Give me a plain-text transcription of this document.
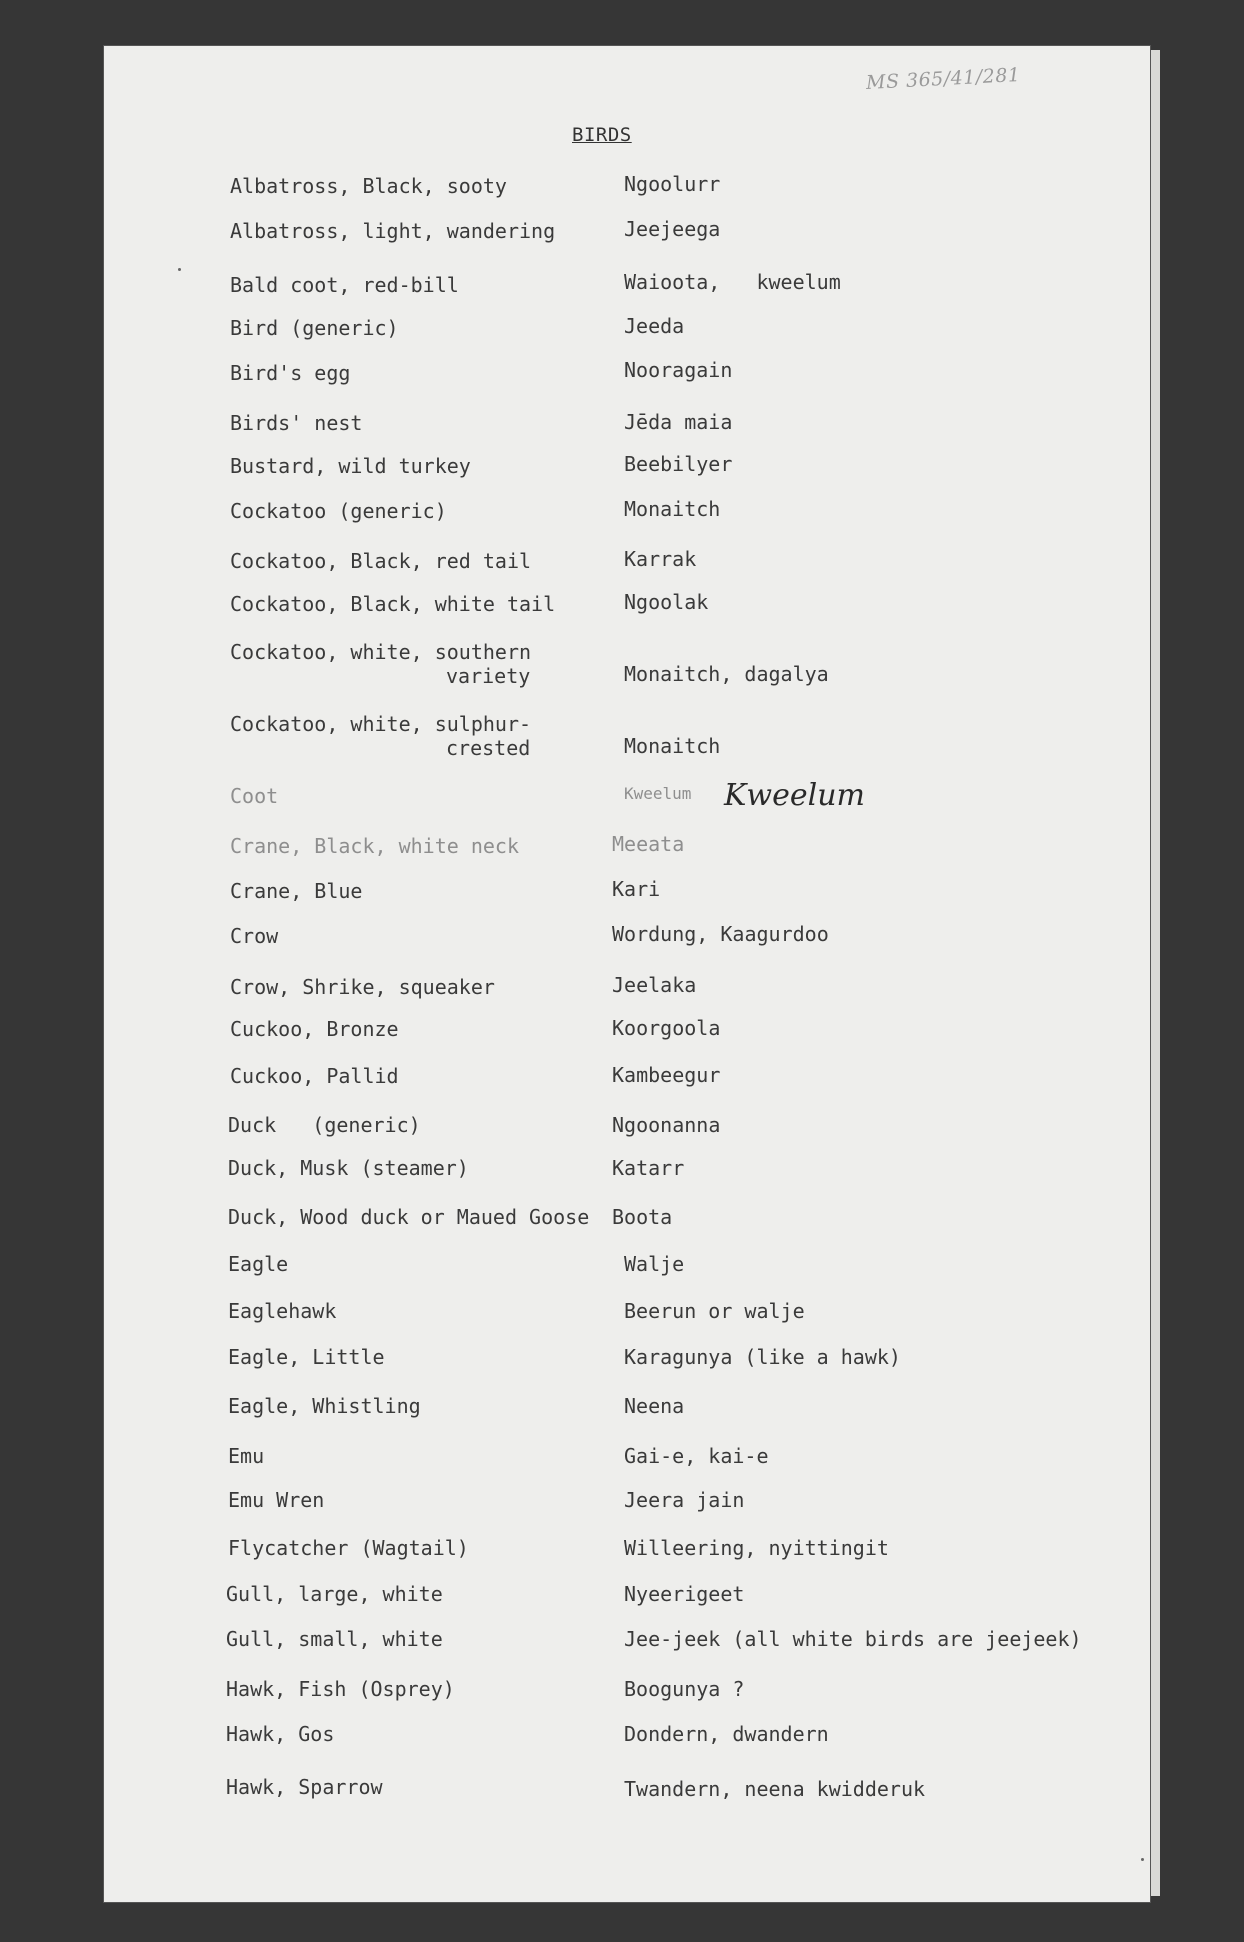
MS 365/41/281
BIRDS
Albatross, Black, sooty	Ngoolurr
Albatross, light, wandering	Jeejeega
Bald coot, red-bill	Waioota,   kweelum
Bird (generic)	Jeeda
Bird's egg	Nooragain
Birds' nest	Jēda maia
Bustard, wild turkey	Beebilyer
Cockatoo (generic)	Monaitch
Cockatoo, Black, red tail	Karrak
Cockatoo, Black, white tail	Ngoolak
Cockatoo, white, southern
variety	Monaitch, dagalya
Cockatoo, white, sulphur-
crested	Monaitch
Coot	Kweelum Kweelum
Crane, Black, white neck	Meeata
Crane, Blue	Kari
Crow	Wordung, Kaagurdoo
Crow, Shrike, squeaker	Jeelaka
Cuckoo, Bronze	Koorgoola
Cuckoo, Pallid	Kambeegur
Duck   (generic)	Ngoonanna
Duck, Musk (steamer)	Katarr
Duck, Wood duck or Maued Goose Boota
Eagle	Walje
Eaglehawk	Beerun or walje
Eagle, Little	Karagunya (like a hawk)
Eagle, Whistling	Neena
Emu	Gai-e, kai-e
Emu Wren	Jeera jain
Flycatcher (Wagtail)	Willeering, nyittingit
Gull, large, white	Nyeerigeet
Gull, small, white	Jee-jeek (all white birds are jeejeek)
Hawk, Fish (Osprey)	Boogunya ?
Hawk, Gos	Dondern, dwandern
Hawk, Sparrow	Twandern, neena kwidderuk
